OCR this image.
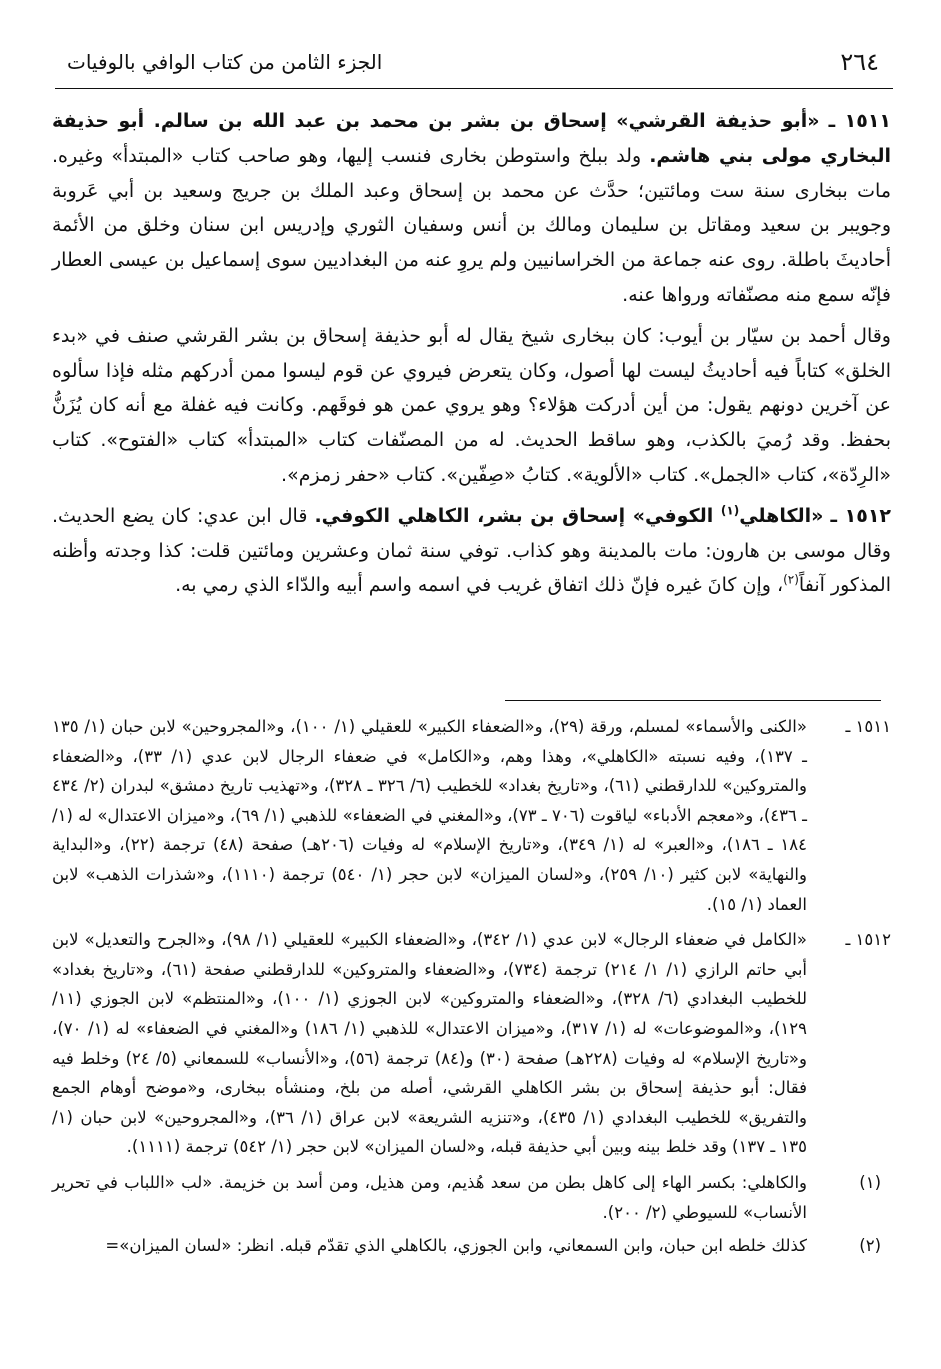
٢٦٤
الجزء الثامن من كتاب الوافي بالوفيات

١٥١١ ـ «أبو حذيفة القرشي» إسحاق بن بشر بن محمد بن عبد الله بن سالم. أبو حذيفة البخاري مولى بني هاشم. ولد ببلخ واستوطن بخارى فنسب إليها، وهو صاحب كتاب «المبتدأ» وغيره. مات ببخارى سنة ست ومائتين؛ حدَّث عن محمد بن إسحاق وعبد الملك بن جريج وسعيد بن أبي عَروبة وجويبر بن سعيد ومقاتل بن سليمان ومالك بن أنس وسفيان الثوري وإدريس ابن سنان وخلق من الأئمة أحاديثَ باطلة. روى عنه جماعة من الخراسانيين ولم يروِ عنه من البغداديين سوى إسماعيل بن عيسى العطار فإنّه سمع منه مصنّفاته ورواها عنه.

وقال أحمد بن سيّار بن أيوب: كان ببخارى شيخ يقال له أبو حذيفة إسحاق بن بشر القرشي صنف في «بدء الخلق» كتاباً فيه أحاديثُ ليست لها أصول، وكان يتعرض فيروي عن قوم ليسوا ممن أدركهم مثله فإذا سألوه عن آخرين دونهم يقول: من أين أدركت هؤلاء؟ وهو يروي عمن هو فوقَهم. وكانت فيه غفلة مع أنه كان يُزَنُّ بحفظ. وقد رُميَ بالكذب، وهو ساقط الحديث. له من المصنّفات كتاب «المبتدأ» كتاب «الفتوح». كتاب «الرِدّة»، كتاب «الجمل». كتاب «الألوية». كتابُ «صِفّين». كتاب «حفر زمزم».

١٥١٢ ـ «الكاهلي$^{(١)}$ الكوفي» إسحاق بن بشر، الكاهلي الكوفي. قال ابن عدي: كان يضع الحديث. وقال موسى بن هارون: مات بالمدينة وهو كذاب. توفي سنة ثمان وعشرين ومائتين قلت: كذا وجدته وأظنه المذكور آنفاً$^{(٢)}$، وإن كانَ غيره فإنّ ذلك اتفاق غريب في اسمه واسم أبيه والدّاء الذي رمي به.

١٥١١ ـ
«الكنى والأسماء» لمسلم، ورقة (٢٩)، و«الضعفاء الكبير» للعقيلي (١/ ١٠٠)، و«المجروحين» لابن حبان (١/ ١٣٥ ـ ١٣٧)، وفيه نسبته «الكاهلي»، وهذا وهم، و«الكامل» في ضعفاء الرجال لابن عدي (١/ ٣٣)، و«الضعفاء والمتروكين» للدارقطني (٦١)، و«تاريخ بغداد» للخطيب (٦/ ٣٢٦ ـ ٣٢٨)، و«تهذيب تاريخ دمشق» لبدران (٢/ ٤٣٤ ـ ٤٣٦)، و«معجم الأدباء» لياقوت (٧٠٦ ـ ٧٣)، و«المغني في الضعفاء» للذهبي (١/ ٦٩)، و«ميزان الاعتدال» له (١/ ١٨٤ ـ ١٨٦)، و«العبر» له (١/ ٣٤٩)، و«تاريخ الإسلام» له وفيات (٢٠٦هـ) صفحة (٤٨) ترجمة (٢٢)، و«البداية والنهاية» لابن كثير (١٠/ ٢٥٩)، و«لسان الميزان» لابن حجر (١/ ٥٤٠) ترجمة (١١١٠)، و«شذرات الذهب» لابن العماد (١/ ١٥).
١٥١٢ ـ
«الكامل في ضعفاء الرجال» لابن عدي (١/ ٣٤٢)، و«الضعفاء الكبير» للعقيلي (١/ ٩٨)، و«الجرح والتعديل» لابن أبي حاتم الرازي (١/ ١/ ٢١٤) ترجمة (٧٣٤)، و«الضعفاء والمتروكين» للدارقطني صفحة (٦١)، و«تاريخ بغداد» للخطيب البغدادي (٦/ ٣٢٨)، و«الضعفاء والمتروكين» لابن الجوزي (١/ ١٠٠)، و«المنتظم» لابن الجوزي (١١/ ١٢٩)، و«الموضوعات» له (١/ ٣١٧)، و«ميزان الاعتدال» للذهبي (١/ ١٨٦) و«المغني في الضعفاء» له (١/ ٧٠)، و«تاريخ الإسلام» له وفيات (٢٢٨هـ) صفحة (٣٠) و(٨٤) ترجمة (٥٦)، و«الأنساب» للسمعاني (٥/ ٢٤) وخلط فيه فقال: أبو حذيفة إسحاق بن بشر الكاهلي القرشي، أصله من بلخ، ومنشأه ببخارى، و«موضح أوهام الجمع والتفريق» للخطيب البغدادي (١/ ٤٣٥)، و«تنزيه الشريعة» لابن عراق (١/ ٣٦)، و«المجروحين» لابن حبان (١/ ١٣٥ ـ ١٣٧) وقد خلط بينه وبين أبي حذيفة قبله، و«لسان الميزان» لابن حجر (١/ ٥٤٢) ترجمة (١١١١).
(١)
والكاهلي: بكسر الهاء إلى كاهل بطن من سعد هُذيم، ومن هذيل، ومن أسد بن خزيمة. «لب «اللباب في تحرير الأنساب» للسيوطي (٢/ ٢٠٠).
(٢)
كذلك خلطه ابن حبان، وابن السمعاني، وابن الجوزي، بالكاهلي الذي تقدّم قبله. انظر: «لسان الميزان»=
